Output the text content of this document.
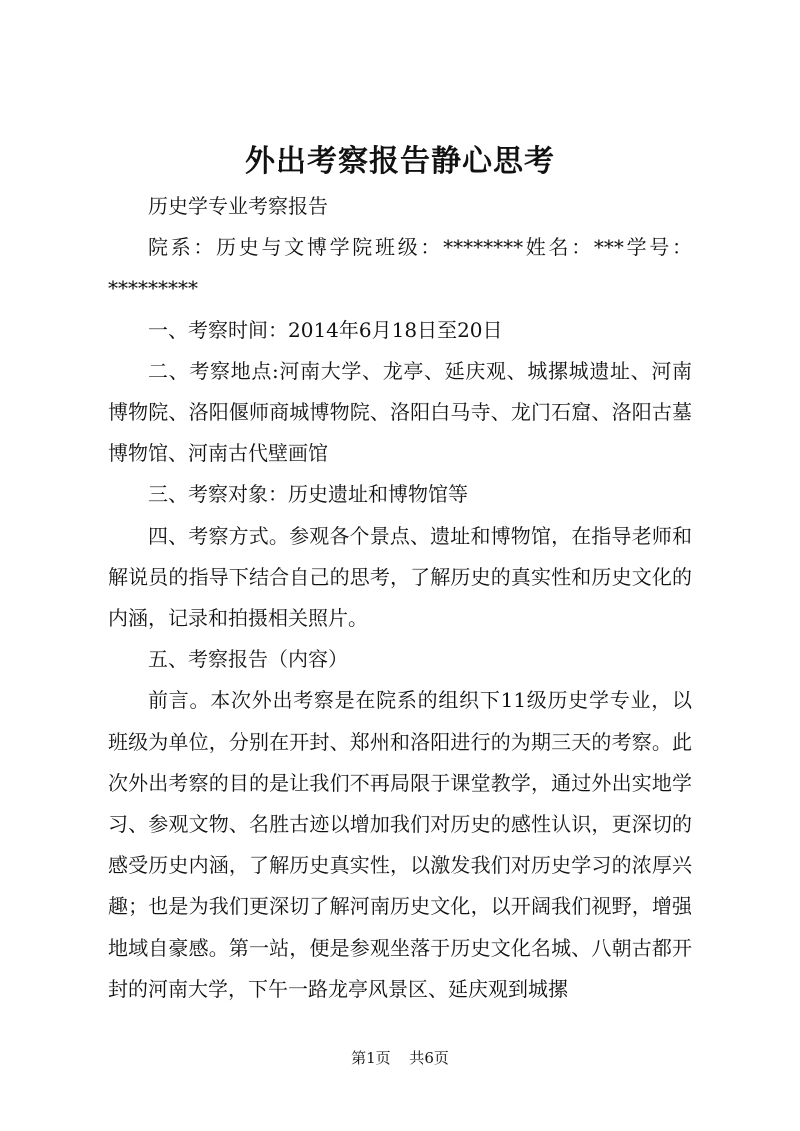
外出考察报告静心思考

历史学专业考察报告

院系：历史与文博学院班级：********姓名：***学号：*********

一、考察时间：2014年6月18日至20日

二、考察地点:河南大学、龙亭、延庆观、城摞城遗址、河南博物院、洛阳偃师商城博物院、洛阳白马寺、龙门石窟、洛阳古墓博物馆、河南古代壁画馆

三、考察对象：历史遗址和博物馆等

四、考察方式。参观各个景点、遗址和博物馆，在指导老师和解说员的指导下结合自己的思考，了解历史的真实性和历史文化的内涵，记录和拍摄相关照片。

五、考察报告（内容）

前言。本次外出考察是在院系的组织下11级历史学专业，以班级为单位，分别在开封、郑州和洛阳进行的为期三天的考察。此次外出考察的目的是让我们不再局限于课堂教学，通过外出实地学习、参观文物、名胜古迹以增加我们对历史的感性认识，更深切的感受历史内涵，了解历史真实性，以激发我们对历史学习的浓厚兴趣；也是为我们更深切了解河南历史文化，以开阔我们视野，增强地域自豪感。第一站，便是参观坐落于历史文化名城、八朝古都开封的河南大学，下午一路龙亭风景区、延庆观到城摞

第1页 共6页
